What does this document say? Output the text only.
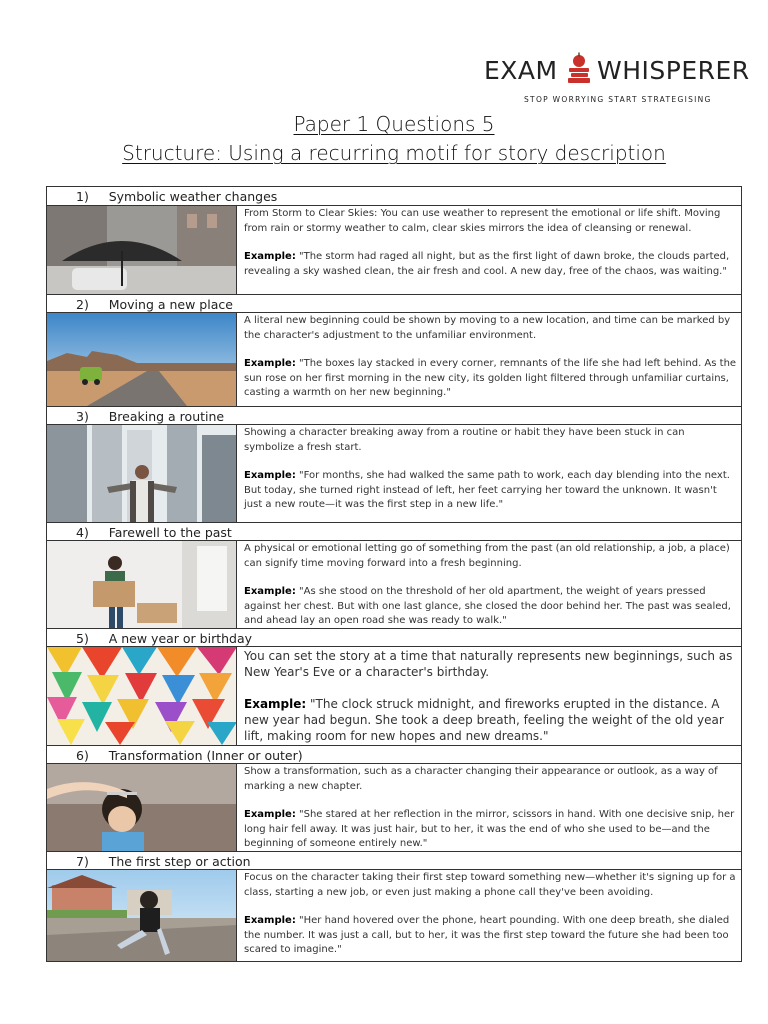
EXAM WHISPERER
STOP WORRYING START STRATEGISING
Paper 1 Questions 5
Structure: Using a recurring motif for story description
1) Symbolic weather changes

From Storm to Clear Skies: You can use weather to represent the emotional or life shift. Moving from rain or stormy weather to calm, clear skies mirrors the idea of cleansing or renewal.

Example: "The storm had raged all night, but as the first light of dawn broke, the clouds parted, revealing a sky washed clean, the air fresh and cool. A new day, free of the chaos, was waiting."

2) Moving a new place

A literal new beginning could be shown by moving to a new location, and time can be marked by the character's adjustment to the unfamiliar environment.

Example: "The boxes lay stacked in every corner, remnants of the life she had left behind. As the sun rose on her first morning in the new city, its golden light filtered through unfamiliar curtains, casting a warmth on her new beginning."

3) Breaking a routine

Showing a character breaking away from a routine or habit they have been stuck in can symbolize a fresh start.

Example: "For months, she had walked the same path to work, each day blending into the next. But today, she turned right instead of left, her feet carrying her toward the unknown. It wasn't just a new route—it was the first step in a new life."

4) Farewell to the past

A physical or emotional letting go of something from the past (an old relationship, a job, a place) can signify time moving forward into a fresh beginning.

Example: "As she stood on the threshold of her old apartment, the weight of years pressed against her chest. But with one last glance, she closed the door behind her. The past was sealed, and ahead lay an open road she was ready to walk."

5) A new year or birthday

You can set the story at a time that naturally represents new beginnings, such as New Year's Eve or a character's birthday.

Example: "The clock struck midnight, and fireworks erupted in the distance. A new year had begun. She took a deep breath, feeling the weight of the old year lift, making room for new hopes and new dreams."

6) Transformation (Inner or outer)

Show a transformation, such as a character changing their appearance or outlook, as a way of marking a new chapter.

Example: "She stared at her reflection in the mirror, scissors in hand. With one decisive snip, her long hair fell away. It was just hair, but to her, it was the end of who she used to be—and the beginning of someone entirely new."

7) The first step or action

Focus on the character taking their first step toward something new—whether it's signing up for a class, starting a new job, or even just making a phone call they've been avoiding.

Example: "Her hand hovered over the phone, heart pounding. With one deep breath, she dialed the number. It was just a call, but to her, it was the first step toward the future she had been too scared to imagine."
